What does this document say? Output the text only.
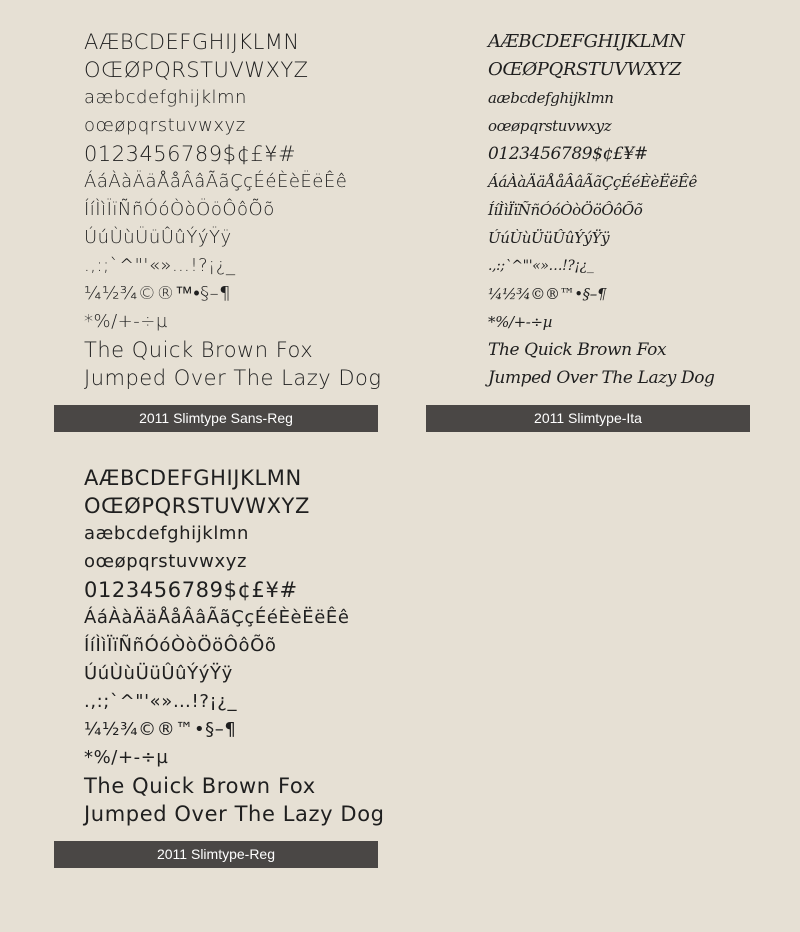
AÆBCDEFGHIJKLMN
OŒØPQRSTUVWXYZ
aæbcdefghijklmn
oœøpqrstuvwxyz
0123456789$¢£¥#
ÁáÀàÄäÅåÂâÃãÇçÉéÈèËëÊê
ÍíÌìÏïÑñÓóÒòÖöÔôÕõ
ÚúÙùÜüÛûÝýŸÿ
.,:;`^"'«»…!?¡¿_
¼½¾©®™•§–¶
*%/+-÷µ
The Quick Brown Fox
Jumped Over The Lazy Dog
2011 Slimtype Sans-Reg
AÆBCDEFGHIJKLMN
OŒØPQRSTUVWXYZ
aæbcdefghijklmn
oœøpqrstuvwxyz
0123456789$¢£¥#
ÁáÀàÄäÅåÂâÃãÇçÉéÈèËëÊê
ÍíÌìÏïÑñÓóÒòÖöÔôÕõ
ÚúÙùÜüÛûÝýŸÿ
.,:;`^"'«»…!?¡¿_
¼½¾©®™•§–¶
*%/+-÷µ
The Quick Brown Fox
Jumped Over The Lazy Dog
2011 Slimtype-Ita
AÆBCDEFGHIJKLMN
OŒØPQRSTUVWXYZ
aæbcdefghijklmn
oœøpqrstuvwxyz
0123456789$¢£¥#
ÁáÀàÄäÅåÂâÃãÇçÉéÈèËëÊê
ÍíÌìÏïÑñÓóÒòÖöÔôÕõ
ÚúÙùÜüÛûÝýŸÿ
.,:;`^"'«»…!?¡¿_
¼½¾©®™•§–¶
*%/+-÷µ
The Quick Brown Fox
Jumped Over The Lazy Dog
2011 Slimtype-Reg
